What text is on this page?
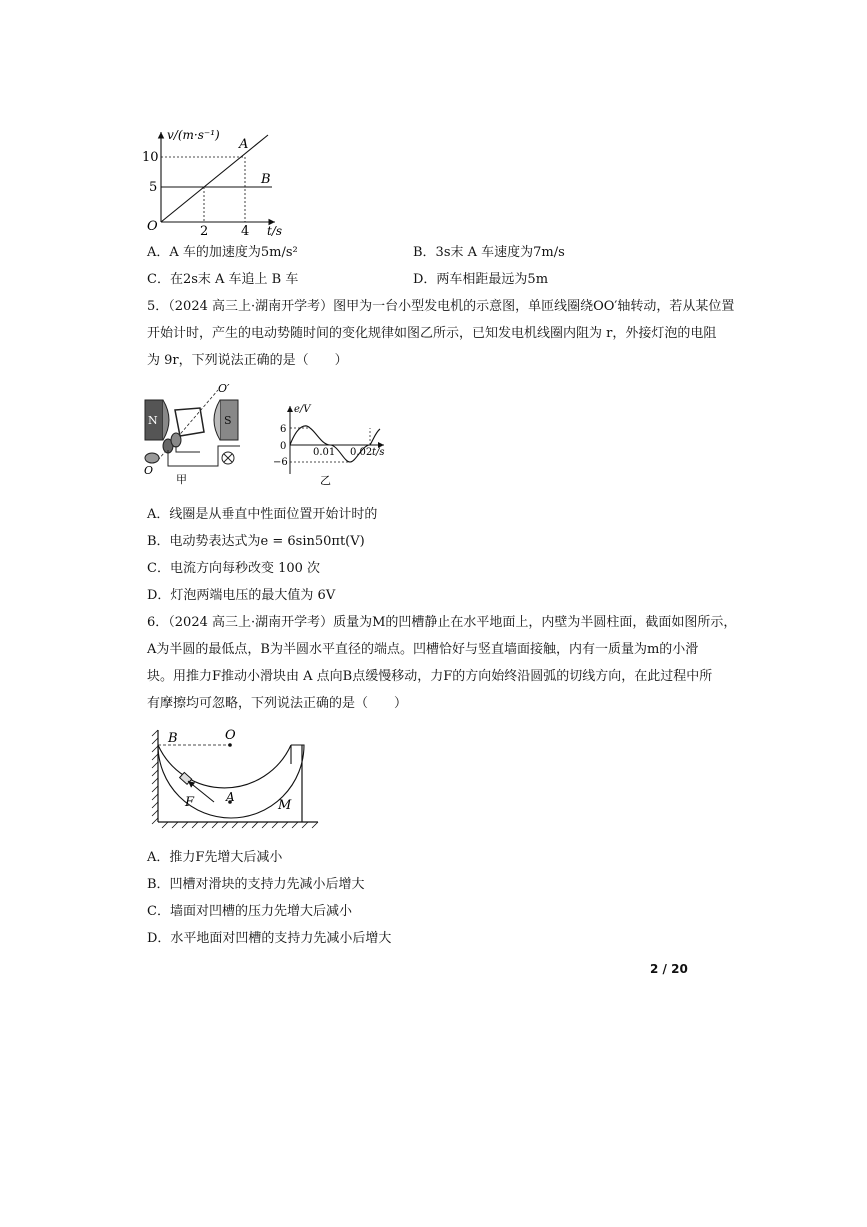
v/(m·s⁻¹)
t/s
O
10
5
2	4
A
B
A．A 车的加速度为5m/s²	B．3s末 A 车速度为7m/s
C．在2s末 A 车追上 B 车	D．两车相距最远为5m
5．（2024 高三上·湖南开学考）图甲为一台小型发电机的示意图，单匝线圈绕OO′轴转动，若从某位置
开始计时，产生的电动势随时间的变化规律如图乙所示，已知发电机线圈内阻为 r，外接灯泡的电阻
为 9r，下列说法正确的是（　　）
N	S
O′
O
甲
e/V
t/s
0
6
−6
0.01 0.02
乙
A．线圈是从垂直中性面位置开始计时的
B．电动势表达式为e = 6sin50πt(V)
C．电流方向每秒改变 100 次
D．灯泡两端电压的最大值为 6V
6．（2024 高三上·湖南开学考）质量为M的凹槽静止在水平地面上，内壁为半圆柱面，截面如图所示，
A为半圆的最低点，B为半圆水平直径的端点。凹槽恰好与竖直墙面接触，内有一质量为m的小滑
块。用推力F推动小滑块由 A 点向B点缓慢移动，力F的方向始终沿圆弧的切线方向，在此过程中所
有摩擦均可忽略，下列说法正确的是（　　）
B	O
A
M
F
A．推力F先增大后减小
B．凹槽对滑块的支持力先减小后增大
C．墙面对凹槽的压力先增大后减小
D．水平地面对凹槽的支持力先减小后增大
2 / 20
